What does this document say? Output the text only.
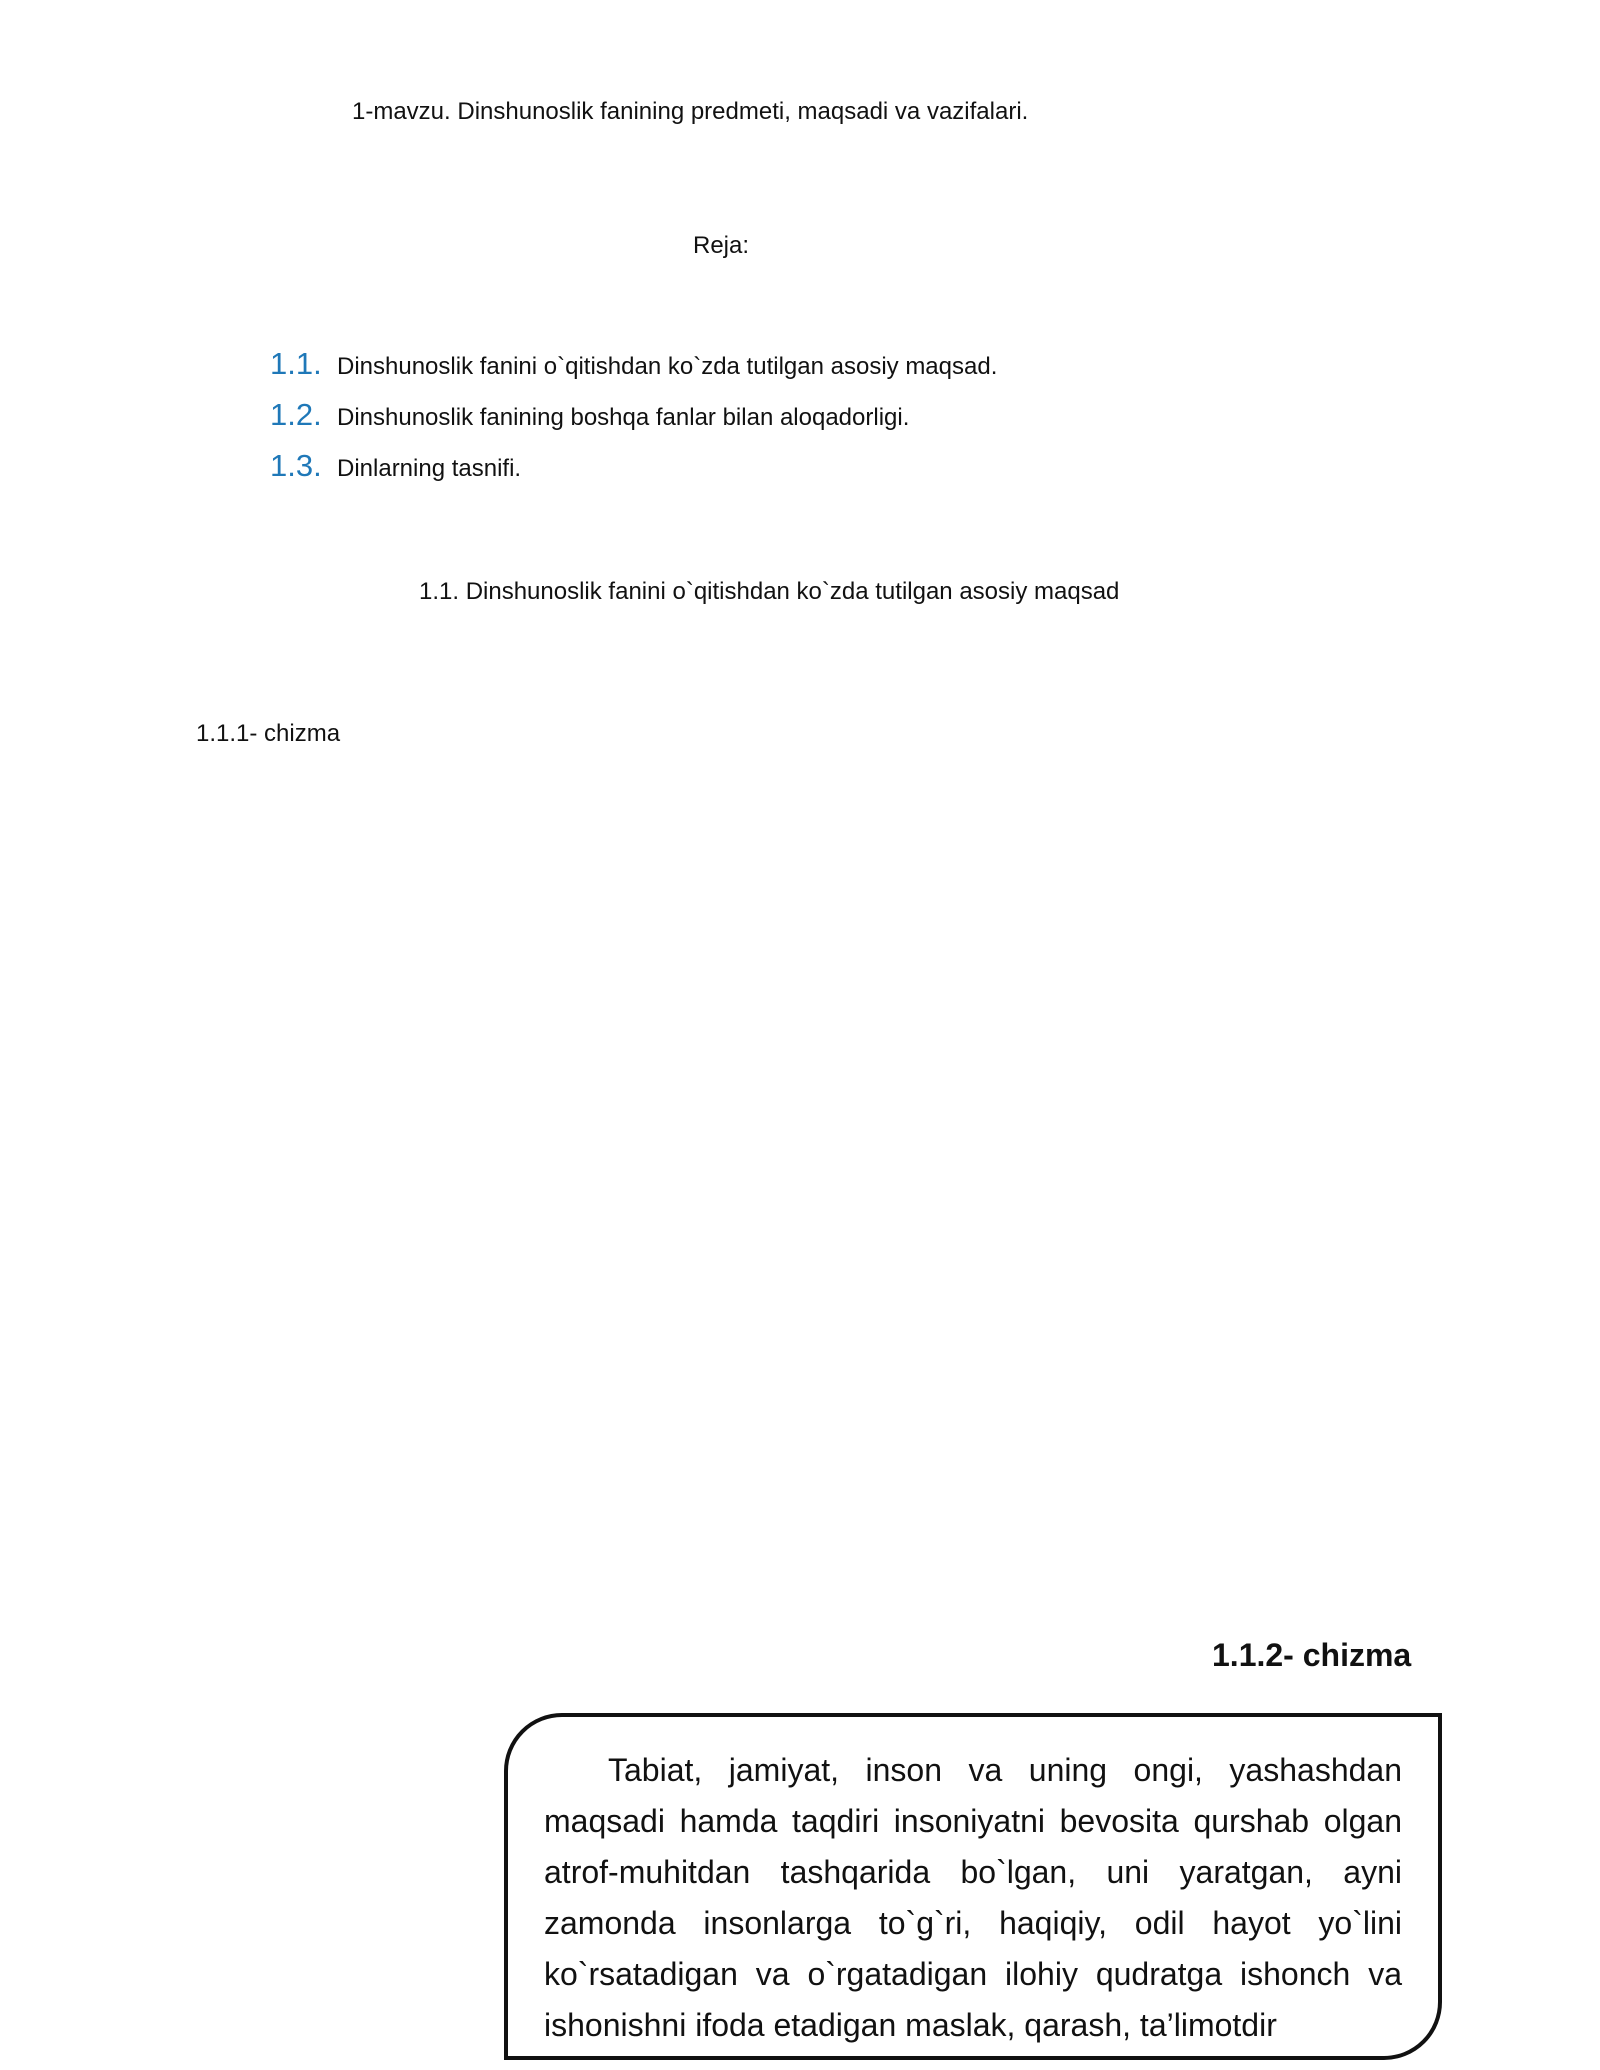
1-mavzu. Dinshunoslik fanining predmeti, maqsadi va vazifalari.
Reja:
1.1. Dinshunoslik fanini o`qitishdan ko`zda tutilgan asosiy maqsad.
1.2. Dinshunoslik fanining boshqa fanlar bilan aloqadorligi.
1.3. Dinlarning tasnifi.
1.1. Dinshunoslik fanini o`qitishdan ko`zda tutilgan asosiy maqsad
1.1.1- chizma
1.1.2- chizma

Tabiat, jamiyat, inson va uning ongi, yashashdan maqsadi hamda taqdiri insoniyatni bevosita qurshab olgan atrof-muhitdan tashqarida bo`lgan, uni yaratgan, ayni zamonda insonlarga to`g`ri, haqiqiy, odil hayot yo`lini ko`rsatadigan va o`rgatadigan ilohiy qudratga ishonch va ishonishni ifoda etadigan maslak, qarash, ta’limotdir
